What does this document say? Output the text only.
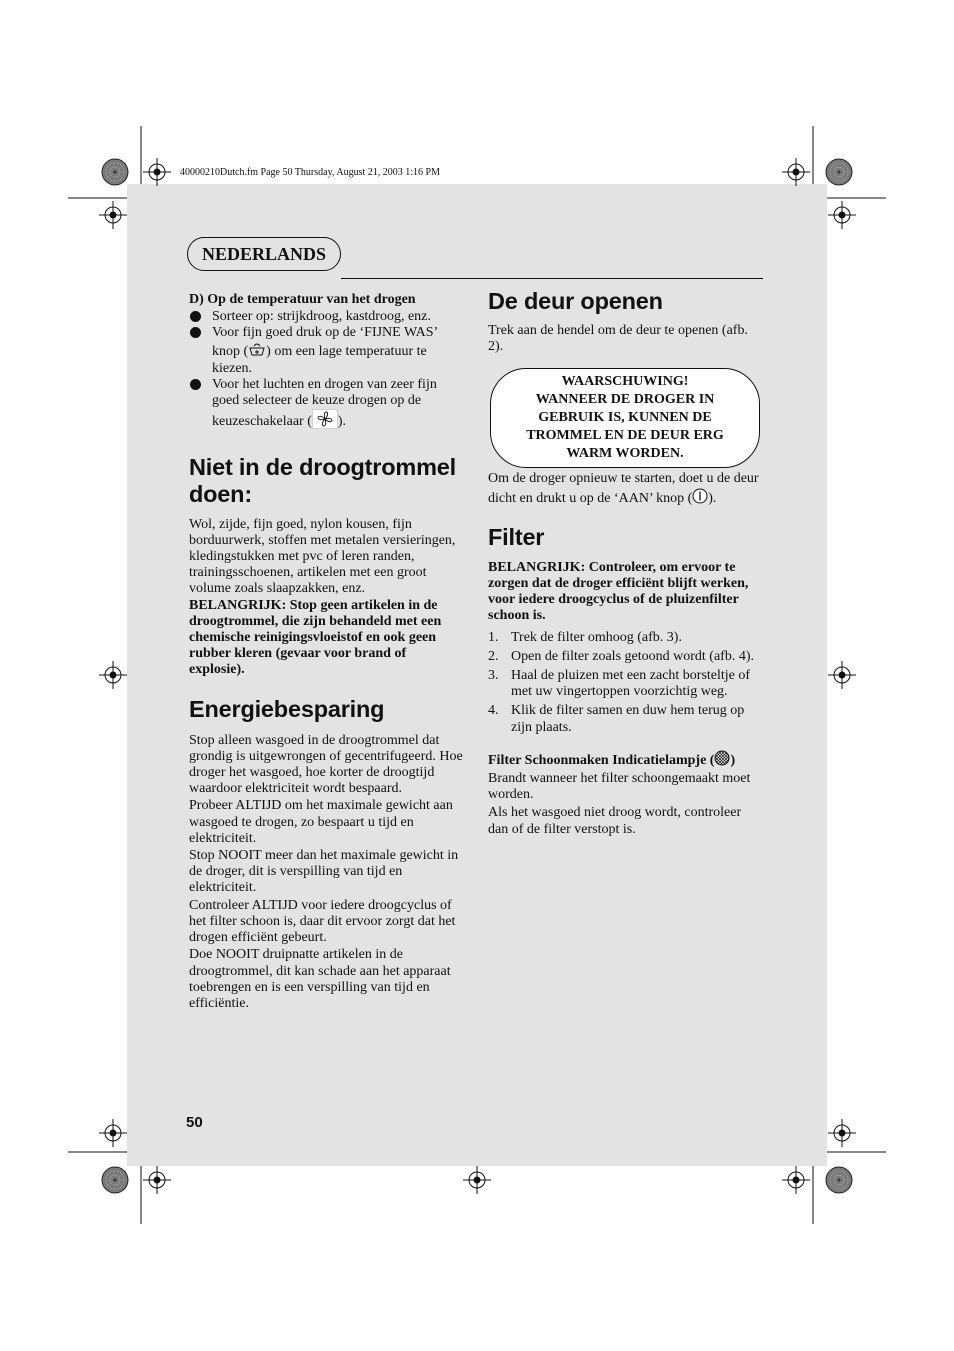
40000210Dutch.fm Page 50 Thursday, August 21, 2003 1:16 PM
NEDERLANDS

D) Op de temperatuur van het drogen

Sorteer op: strijkdroog, kastdroog, enz.
Voor fijn goed druk op de ‘FIJNE WAS’ knop ( ) om een lage temperatuur te kiezen.
Voor het luchten en drogen van zeer fijn goed selecteer de keuze drogen op de keuzeschakelaar ( ).
Niet in de droogtrommel doen:

Wol, zijde, fijn goed, nylon kousen, fijn borduurwerk, stoffen met metalen versieringen, kledingstukken met pvc of leren randen, trainingsschoenen, artikelen met een groot volume zoals slaapzakken, enz.

BELANGRIJK: Stop geen artikelen in de droogtrommel, die zijn behandeld met een chemische reinigingsvloeistof en ook geen rubber kleren (gevaar voor brand of explosie).

Energiebesparing

Stop alleen wasgoed in de droogtrommel dat grondig is uitgewrongen of gecentrifugeerd. Hoe droger het wasgoed, hoe korter de droogtijd waardoor elektriciteit wordt bespaard.

Probeer ALTIJD om het maximale gewicht aan wasgoed te drogen, zo bespaart u tijd en elektriciteit.

Stop NOOIT meer dan het maximale gewicht in de droger, dit is verspilling van tijd en elektriciteit.

Controleer ALTIJD voor iedere droogcyclus of het filter schoon is, daar dit ervoor zorgt dat het drogen efficiënt gebeurt.

Doe NOOIT druipnatte artikelen in de droogtrommel, dit kan schade aan het apparaat toebrengen en is een verspilling van tijd en efficiëntie.

De deur openen

Trek aan de hendel om de deur te openen (afb. 2).

WAARSCHUWING!
WANNEER DE DROGER IN
GEBRUIK IS, KUNNEN DE
TROMMEL EN DE DEUR ERG
WARM WORDEN.

Om de droger opnieuw te starten, doet u de deur dicht en drukt u op de ‘AAN’ knop ( ).

Filter

BELANGRIJK: Controleer, om ervoor te zorgen dat de droger efficiënt blijft werken, voor iedere droogcyclus of de pluizenfilter schoon is.

1. Trek de filter omhoog (afb. 3).
2. Open de filter zoals getoond wordt (afb. 4).
3. Haal de pluizen met een zacht borsteltje of met uw vingertoppen voorzichtig weg.
4. Klik de filter samen en duw hem terug op zijn plaats.

Filter Schoonmaken Indicatielampje ( )

Brandt wanneer het filter schoongemaakt moet worden.

Als het wasgoed niet droog wordt, controleer dan of de filter verstopt is.

50
